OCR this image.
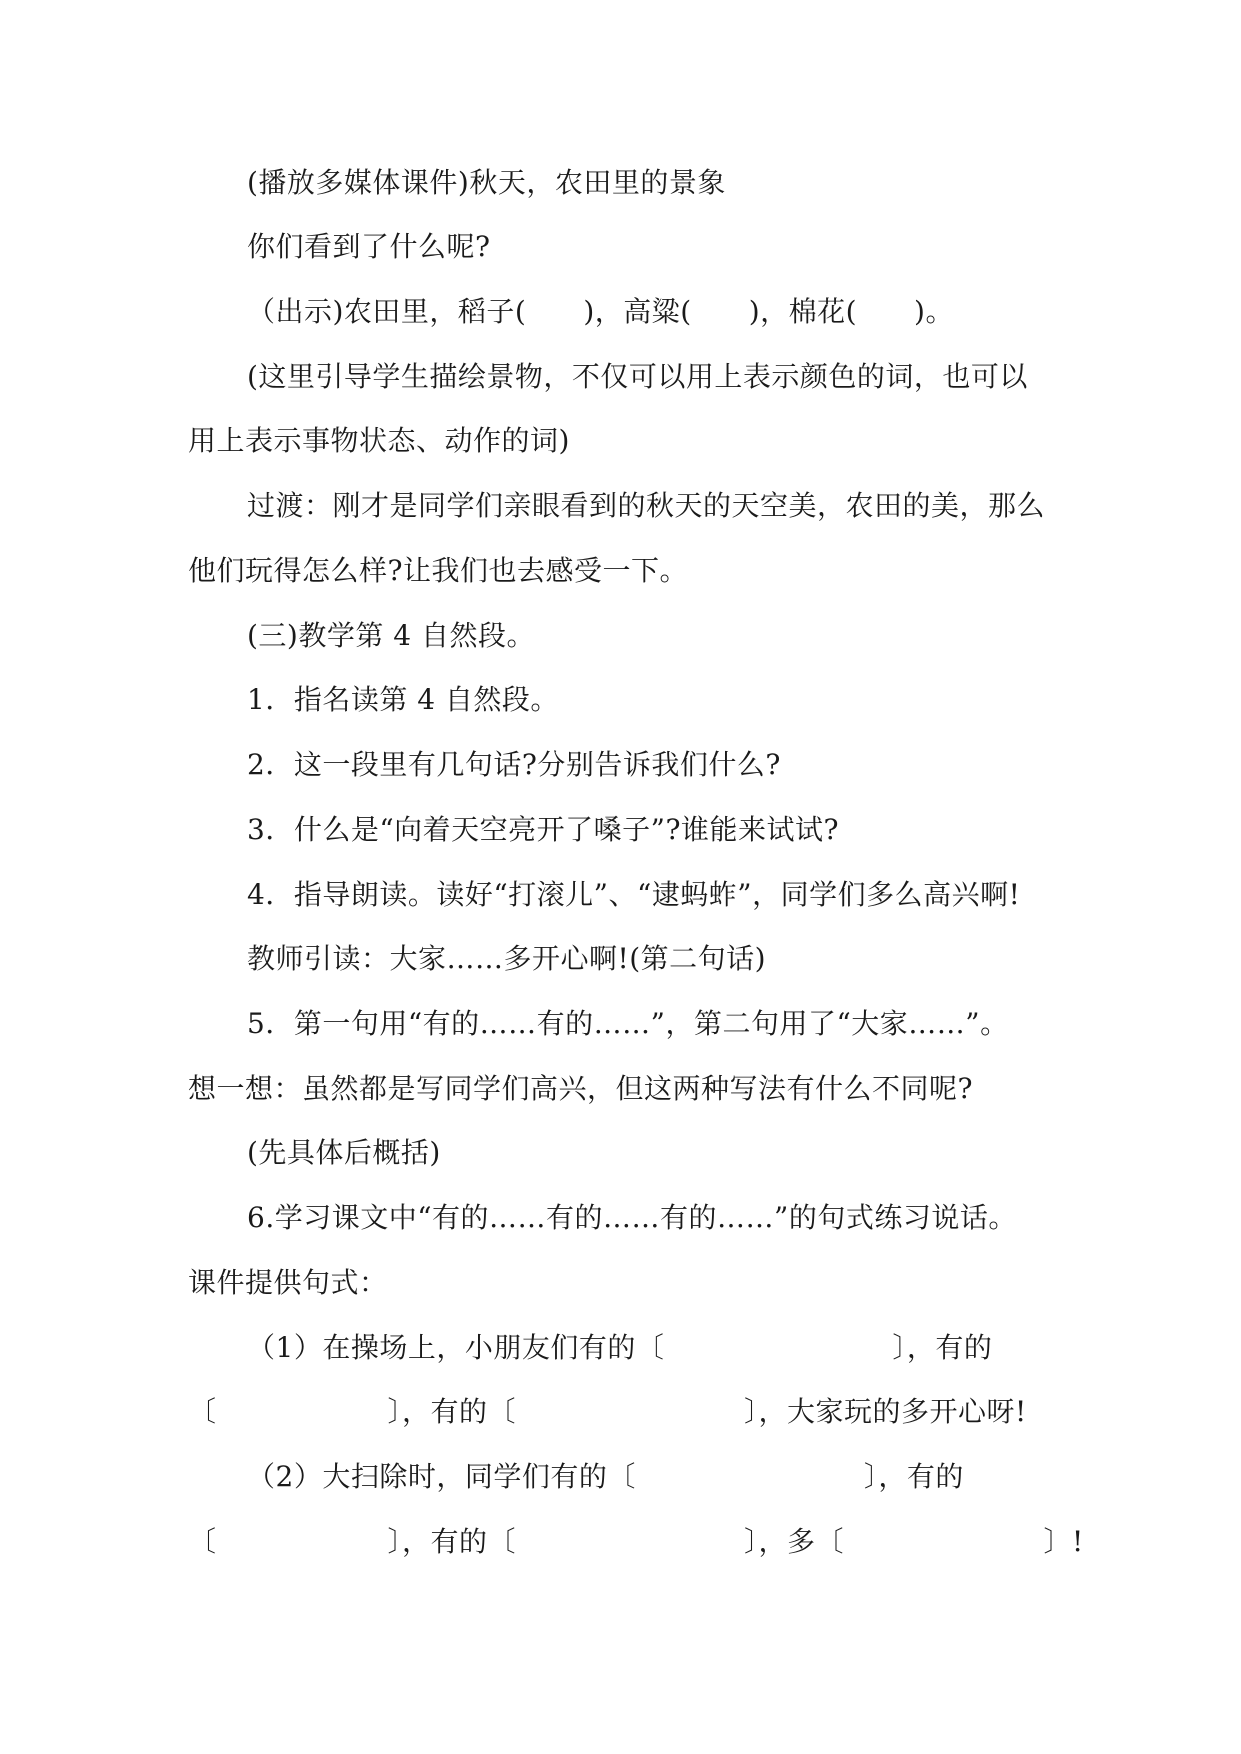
(播放多媒体课件)秋天，农田里的景象
你们看到了什么呢?
（出示)农田里，稻子(　　)，高粱(　　)，棉花(　　)。
(这里引导学生描绘景物，不仅可以用上表示颜色的词，也可以
用上表示事物状态、动作的词)
过渡：刚才是同学们亲眼看到的秋天的天空美，农田的美，那么
他们玩得怎么样?让我们也去感受一下。
(三)教学第 4 自然段。
1．指名读第 4 自然段。
2．这一段里有几句话?分别告诉我们什么?
3．什么是“向着天空亮开了嗓子”?谁能来试试?
4．指导朗读。读好“打滚儿”、“逮蚂蚱”，同学们多么高兴啊!
教师引读：大家……多开心啊!(第二句话)
5．第一句用“有的……有的……”，第二句用了“大家……”。
想一想：虽然都是写同学们高兴，但这两种写法有什么不同呢?
(先具体后概括)
6.学习课文中“有的……有的……有的……”的句式练习说话。
课件提供句式：
（1）在操场上，小朋友们有的〔　　　　　　　　〕，有的
〔　　　　　　〕，有的〔　　　　　　　　〕，大家玩的多开心呀!
（2）大扫除时，同学们有的〔　　　　　　　　〕，有的
〔　　　　　　〕，有的〔　　　　　　　　〕，多〔　　　　　　　〕!
